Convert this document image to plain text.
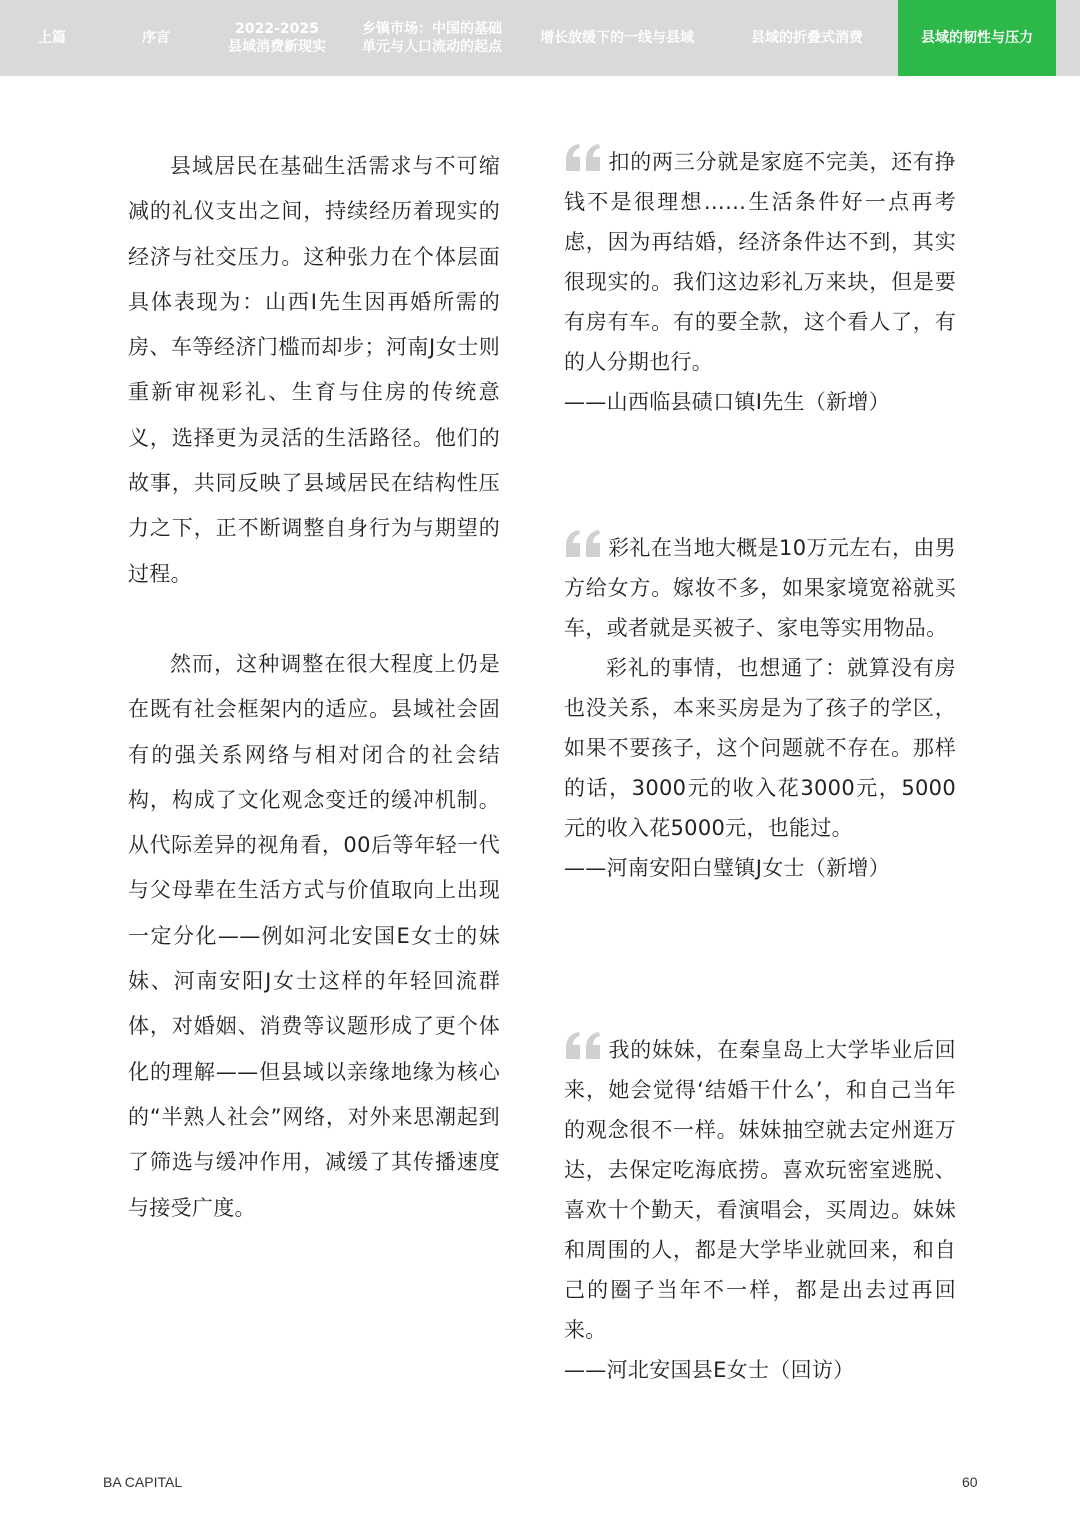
上篇	序言
2022-2025
县域消费新现实
乡镇市场：中国的基础
单元与人口流动的起点
增长放缓下的一线与县域	县域的折叠式消费	县域的韧性与压力

县域居民在基础生活需求与不可缩减的礼仪支出之间，持续经历着现实的经济与社交压力。这种张力在个体层面具体表现为：山西I先生因再婚所需的房、车等经济门槛而却步；河南J女士则重新审视彩礼、生育与住房的传统意义，选择更为灵活的生活路径。他们的故事，共同反映了县域居民在结构性压力之下，正不断调整自身行为与期望的过程。

然而，这种调整在很大程度上仍是在既有社会框架内的适应。县域社会固有的强关系网络与相对闭合的社会结构，构成了文化观念变迁的缓冲机制。从代际差异的视角看，00后等年轻一代与父母辈在生活方式与价值取向上出现一定分化——例如河北安国E女士的妹妹、河南安阳J女士这样的年轻回流群体，对婚姻、消费等议题形成了更个体化的理解——但县域以亲缘地缘为核心的“半熟人社会”网络，对外来思潮起到了筛选与缓冲作用，减缓了其传播速度与接受广度。

扣的两三分就是家庭不完美，还有挣钱不是很理想……生活条件好一点再考虑，因为再结婚，经济条件达不到，其实很现实的。我们这边彩礼万来块，但是要有房有车。有的要全款，这个看人了，有的人分期也行。

——山西临县碛口镇I先生（新增）

彩礼在当地大概是10万元左右，由男方给女方。嫁妆不多，如果家境宽裕就买车，或者就是买被子、家电等实用物品。

彩礼的事情，也想通了：就算没有房也没关系，本来买房是为了孩子的学区，如果不要孩子，这个问题就不存在。那样的话，3000元的收入花3000元，5000元的收入花5000元，也能过。

——河南安阳白璧镇J女士（新增）

我的妹妹，在秦皇岛上大学毕业后回来，她会觉得‘结婚干什么’，和自己当年的观念很不一样。妹妹抽空就去定州逛万达，去保定吃海底捞。喜欢玩密室逃脱、喜欢十个勤天，看演唱会，买周边。妹妹和周围的人，都是大学毕业就回来，和自己的圈子当年不一样，都是出去过再回来。

——河北安国县E女士（回访）

BA CAPITAL	60
